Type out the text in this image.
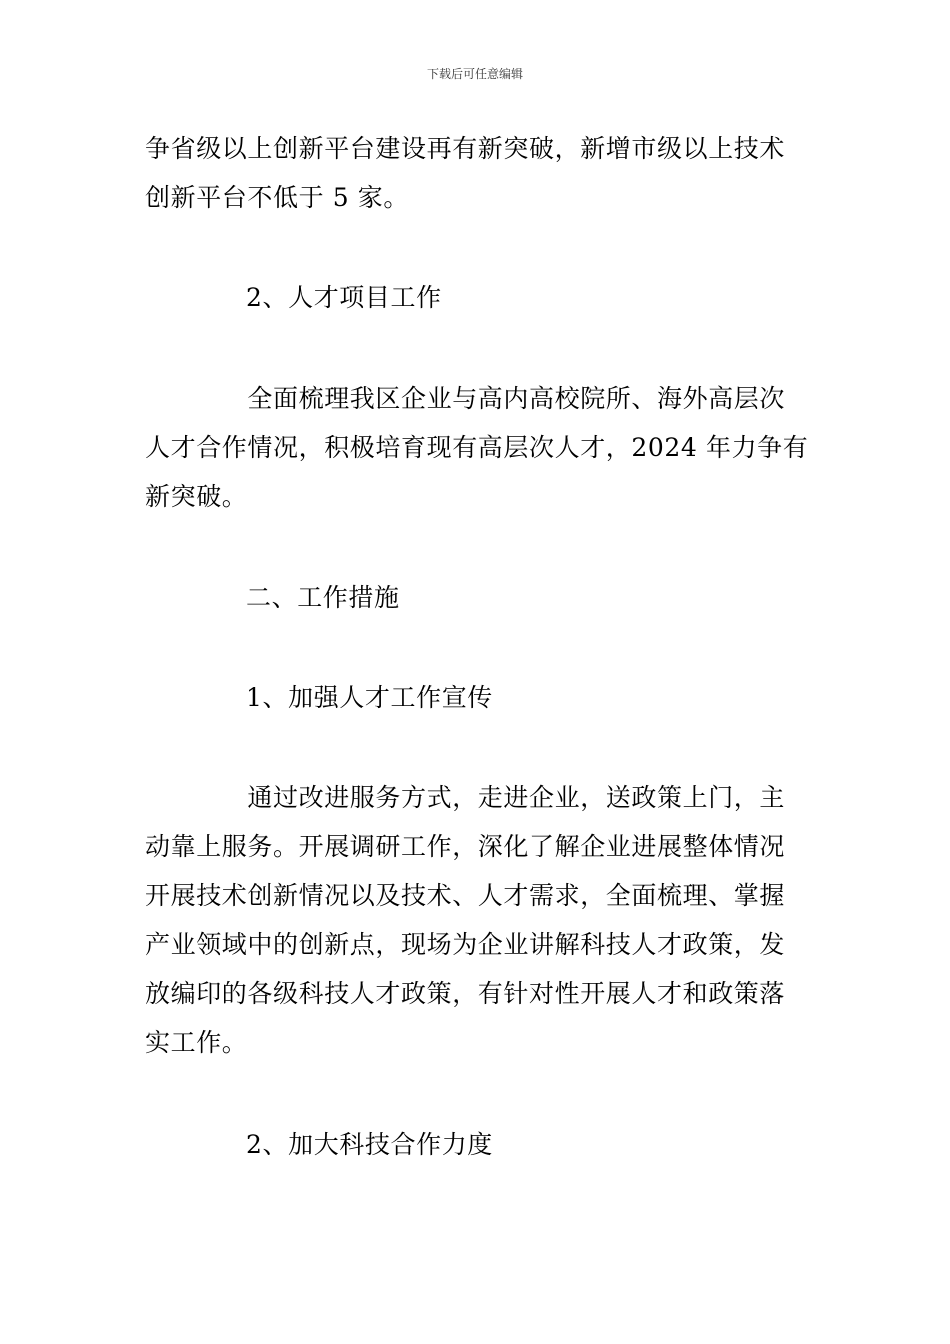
下载后可任意编辑

争省级以上创新平台建设再有新突破，新增市级以上技术
创新平台不低于 5 家。

2、人才项目工作

　　　　全面梳理我区企业与高内高校院所、海外高层次
人才合作情况，积极培育现有高层次人才，2024 年力争有
新突破。

二、工作措施

1、加强人才工作宣传

　　　　通过改进服务方式，走进企业，送政策上门，主
动靠上服务。开展调研工作，深化了解企业进展整体情况
开展技术创新情况以及技术、人才需求，全面梳理、掌握
产业领域中的创新点，现场为企业讲解科技人才政策，发
放编印的各级科技人才政策，有针对性开展人才和政策落
实工作。

2、加大科技合作力度
